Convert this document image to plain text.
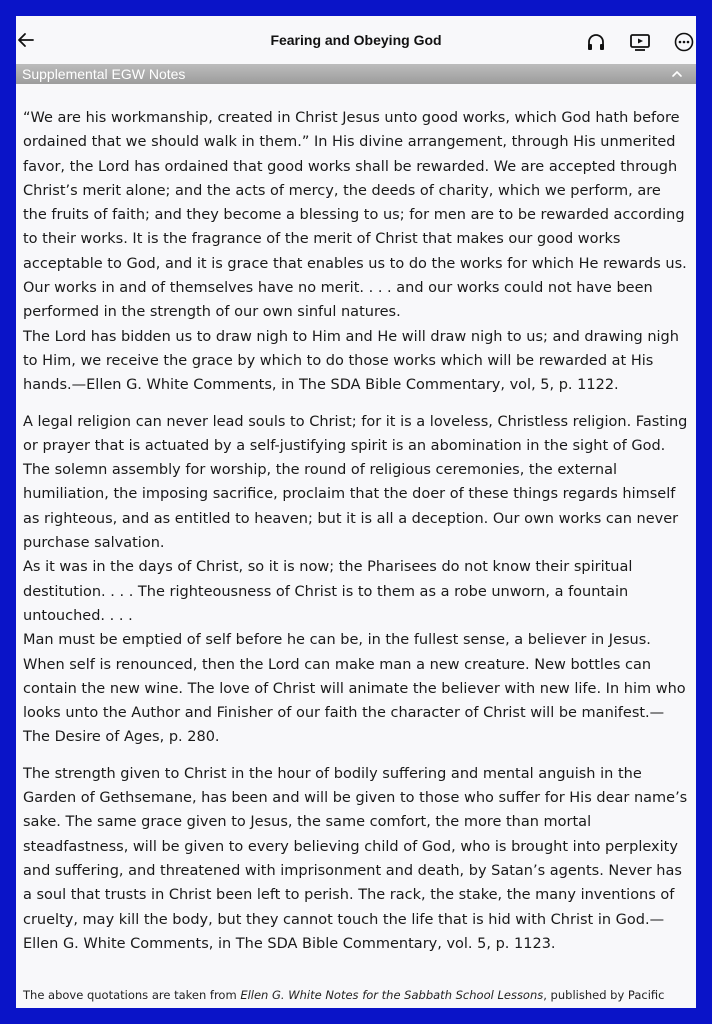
Fearing and Obeying God
Supplemental EGW Notes

“We are his workmanship, created in Christ Jesus unto good works, which God hath before ordained that we should walk in them.” In His divine arrangement, through His unmerited favor, the Lord has ordained that good works shall be rewarded. We are accepted through Christ’s merit alone; and the acts of mercy, the deeds of charity, which we perform, are the fruits of faith; and they become a blessing to us; for men are to be rewarded according to their works. It is the fragrance of the merit of Christ that makes our good works acceptable to God, and it is grace that enables us to do the works for which He rewards us. Our works in and of themselves have no merit. . . . and our works could not have been performed in the strength of our own sinful natures.

The Lord has bidden us to draw nigh to Him and He will draw nigh to us; and drawing nigh to Him, we receive the grace by which to do those works which will be rewarded at His hands.—Ellen G. White Comments, in The SDA Bible Commentary, vol, 5, p. 1122.

A legal religion can never lead souls to Christ; for it is a loveless, Christless religion. Fasting or prayer that is actuated by a self-justifying spirit is an abomination in the sight of God. The solemn assembly for worship, the round of religious ceremonies, the external humiliation, the imposing sacrifice, proclaim that the doer of these things regards himself as righteous, and as entitled to heaven; but it is all a deception. Our own works can never purchase salvation.

As it was in the days of Christ, so it is now; the Pharisees do not know their spiritual destitution. . . . The righteousness of Christ is to them as a robe unworn, a fountain untouched. . . .

Man must be emptied of self before he can be, in the fullest sense, a believer in Jesus. When self is renounced, then the Lord can make man a new creature. New bottles can contain the new wine. The love of Christ will animate the believer with new life. In him who looks unto the Author and Finisher of our faith the character of Christ will be manifest.—The Desire of Ages, p. 280.

The strength given to Christ in the hour of bodily suffering and mental anguish in the Garden of Gethsemane, has been and will be given to those who suffer for His dear name’s sake. The same grace given to Jesus, the same comfort, the more than mortal steadfastness, will be given to every believing child of God, who is brought into perplexity and suffering, and threatened with imprisonment and death, by Satan’s agents. Never has a soul that trusts in Christ been left to perish. The rack, the stake, the many inventions of cruelty, may kill the body, but they cannot touch the life that is hid with Christ in God.—Ellen G. White Comments, in The SDA Bible Commentary, vol. 5, p. 1123.

The above quotations are taken from Ellen G. White Notes for the Sabbath School Lessons, published by Pacific
